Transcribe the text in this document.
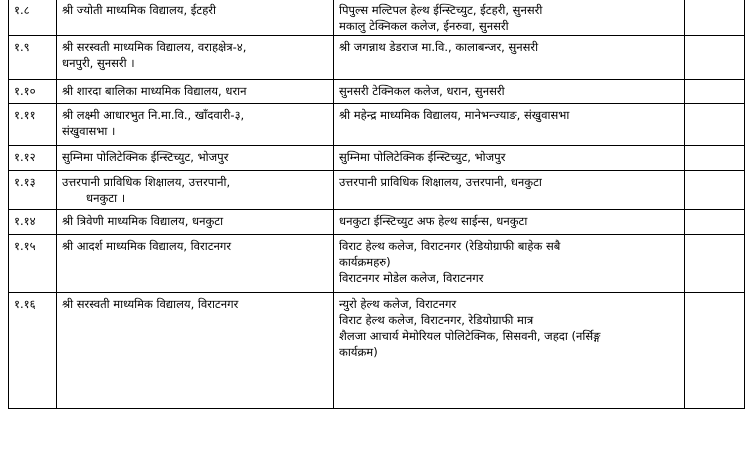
१.८	श्री ज्योती माध्यमिक विद्यालय, ईटहरी	पिपुल्स मल्टिपल हेल्थ ईन्स्टिच्युट, ईटहरी, सुनसरी
मकालु टेक्निकल कलेज, ईनरुवा, सुनसरी	

१.९	श्री सरस्वती माध्यमिक विद्यालय, वराहक्षेत्र-४,
धनपुरी, सुनसरी ।	श्री जगन्नाथ डेडराज मा.वि., कालाबन्जर, सुनसरी	

१.१०	श्री शारदा बालिका माध्यमिक विद्यालय, धरान	सुनसरी टेक्निकल कलेज, धरान, सुनसरी	

१.११	श्री लक्ष्मी आधारभुत नि.मा.वि., खाँदवारी-३,
संखुवासभा ।	श्री महेन्द्र माध्यमिक विद्यालय, मानेभन्ज्याङ, संखुवासभा	

१.१२	सुम्निमा पोलिटेक्निक ईन्स्टिच्युट, भोजपुर	सुम्निमा पोलिटेक्निक ईन्स्टिच्युट, भोजपुर	

१.१३	उत्तरपानी प्राविधिक शिक्षालय, उत्तरपानी,
धनकुटा ।	उत्तरपानी प्राविधिक शिक्षालय, उत्तरपानी, धनकुटा	

१.१४	श्री त्रिवेणी माध्यमिक विद्यालय, धनकुटा	धनकुटा ईन्स्टिच्युट अफ हेल्थ साईन्स, धनकुटा	

१.१५	श्री आदर्श माध्यमिक विद्यालय, विराटनगर	विराट हेल्थ कलेज, विराटनगर (रेडियोग्राफी बाहेक सबै
कार्यक्रमहरु)
विराटनगर मोडेल कलेज, विराटनगर	

१.१६	श्री सरस्वती माध्यमिक विद्यालय, विराटनगर	न्युरो हेल्थ कलेज, विराटनगर
विराट हेल्थ कलेज, विराटनगर, रेडियोग्राफी मात्र
शैलजा आचार्य मेमोरियल पोलिटेक्निक, सिसवनी, जहदा (नर्सिङ्ग
कार्यक्रम)	
